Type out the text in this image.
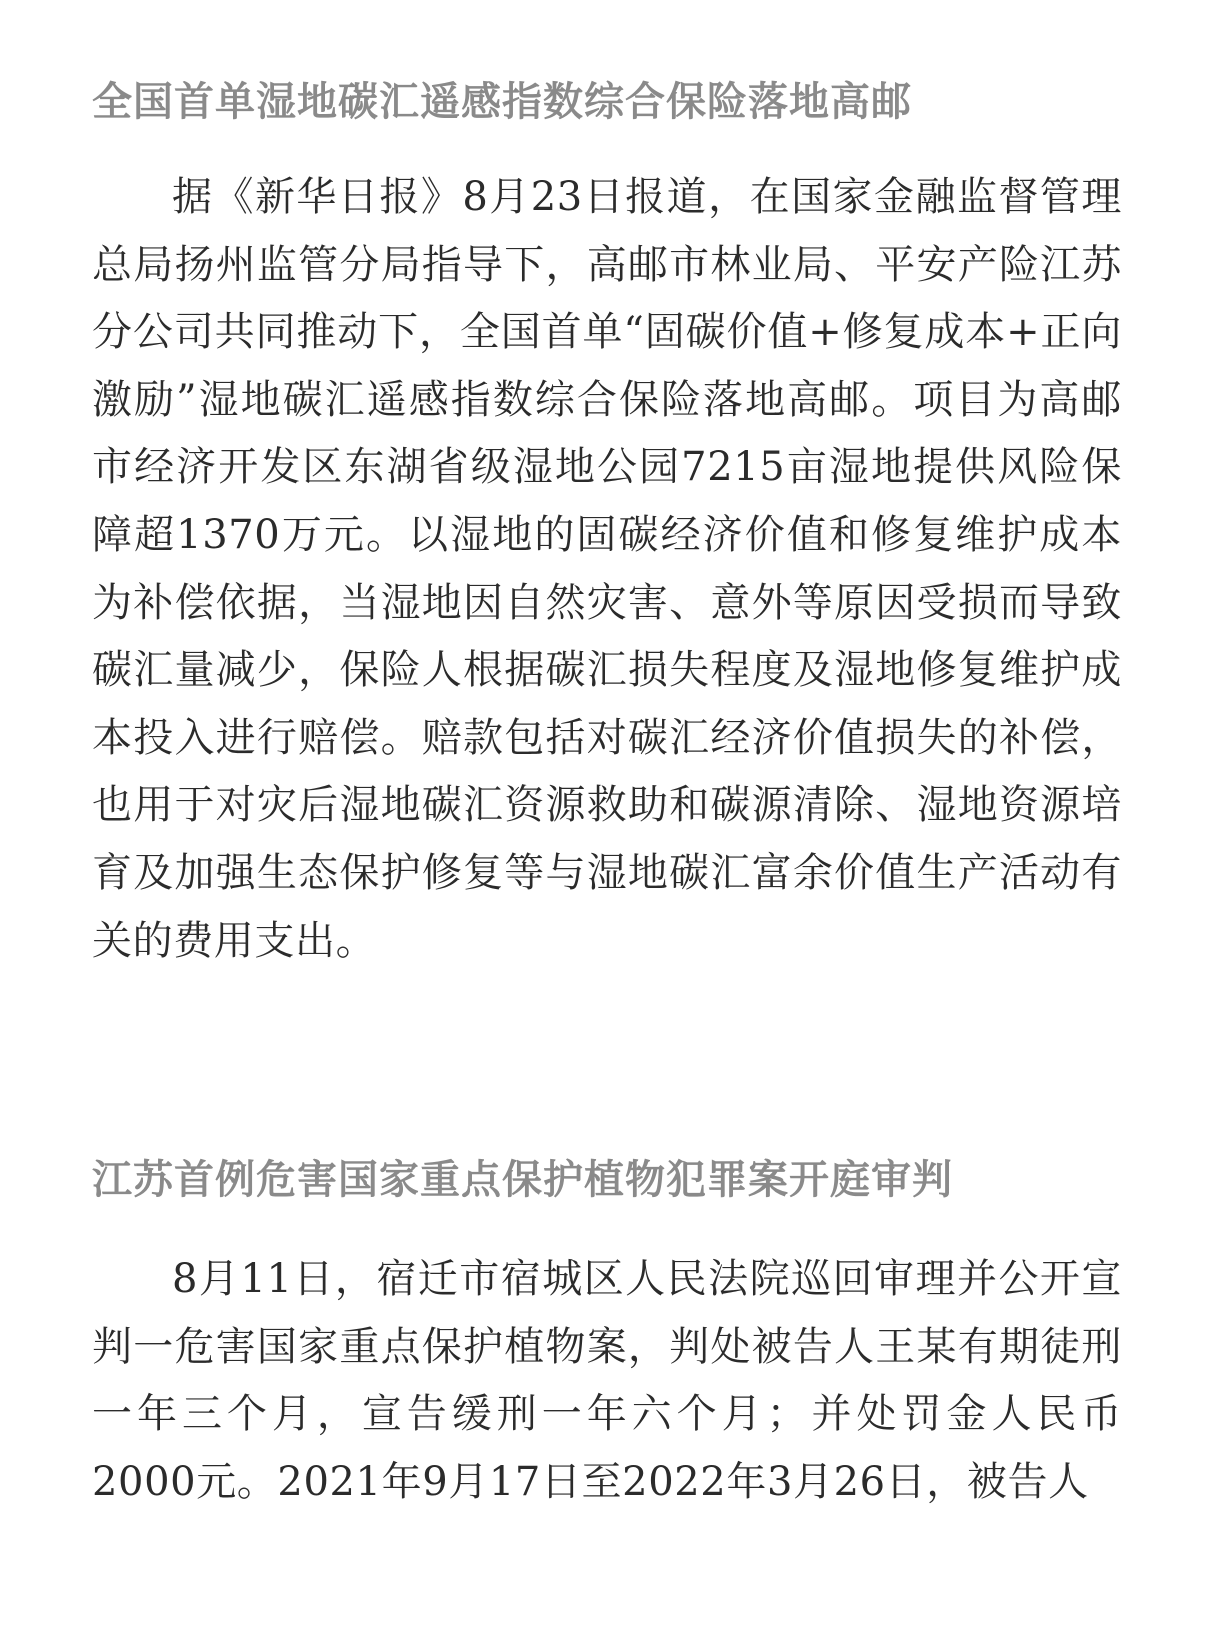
全国首单湿地碳汇遥感指数综合保险落地高邮

据《新华日报》8月23日报道，在国家金融监督管理总局扬州监管分局指导下，高邮市林业局、平安产险江苏分公司共同推动下，全国首单“固碳价值+修复成本+正向激励”湿地碳汇遥感指数综合保险落地高邮。项目为高邮市经济开发区东湖省级湿地公园7215亩湿地提供风险保障超1370万元。以湿地的固碳经济价值和修复维护成本为补偿依据，当湿地因自然灾害、意外等原因受损而导致碳汇量减少，保险人根据碳汇损失程度及湿地修复维护成本投入进行赔偿。赔款包括对碳汇经济价值损失的补偿，也用于对灾后湿地碳汇资源救助和碳源清除、湿地资源培育及加强生态保护修复等与湿地碳汇富余价值生产活动有关的费用支出。

江苏首例危害国家重点保护植物犯罪案开庭审判

8月11日，宿迁市宿城区人民法院巡回审理并公开宣判一危害国家重点保护植物案，判处被告人王某有期徒刑一年三个月，宣告缓刑一年六个月；并处罚金人民币2000元。2021年9月17日至2022年3月26日，被告人
